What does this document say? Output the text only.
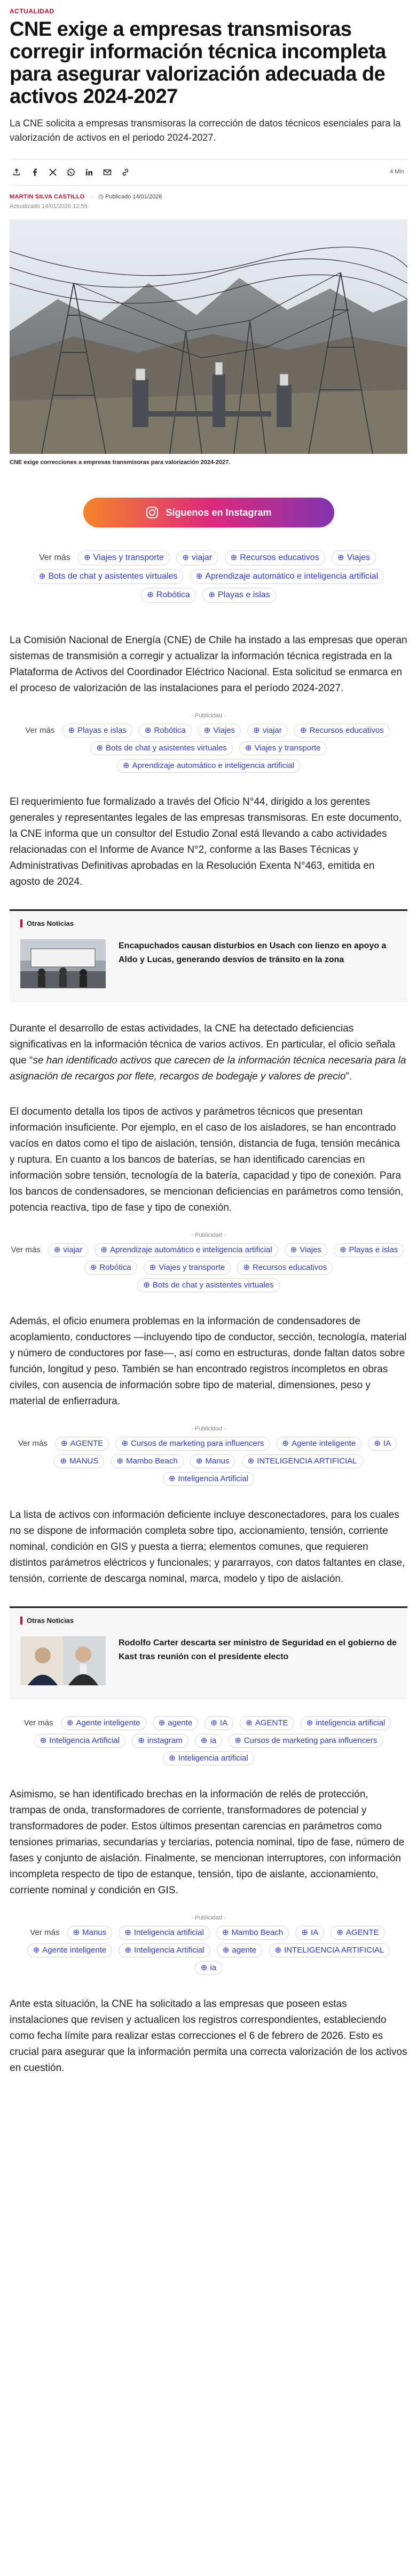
ACTUALIDAD
CNE exige a empresas transmisoras corregir información técnica incompleta para asegurar valorización adecuada de activos 2024-2027

La CNE solicita a empresas transmisoras la corrección de datos técnicos esenciales para la valorización de activos en el periodo 2024-2027.

4 Min
MARTIN SILVA CASTILLO · ◷ Publicado 14/01/2026
Actualizado 14/01/2026 12:55
CNE exige correcciones a empresas transmisoras para valorización 2024-2027.
Síguenos en Instagram
Ver más	⊕ Viajes y transporte	⊕ viajar	⊕ Recursos educativos	⊕ Viajes ⊕ Bots de chat y asistentes virtuales	⊕ Aprendizaje automático e inteligencia artificial ⊕ Robótica	⊕ Playas e islas

La Comisión Nacional de Energía (CNE) de Chile ha instado a las empresas que operan sistemas de transmisión a corregir y actualizar la información técnica registrada en la Plataforma de Activos del Coordinador Eléctrico Nacional. Esta solicitud se enmarca en el proceso de valorización de las instalaciones para el período 2024-2027.

- Publicidad -
Ver más	⊕ Playas e islas	⊕ Robótica	⊕ Viajes	⊕ viajar	⊕ Recursos educativos ⊕ Bots de chat y asistentes virtuales	⊕ Viajes y transporte ⊕ Aprendizaje automático e inteligencia artificial

El requerimiento fue formalizado a través del Oficio N°44, dirigido a los gerentes generales y representantes legales de las empresas transmisoras. En este documento, la CNE informa que un consultor del Estudio Zonal está llevando a cabo actividades relacionadas con el Informe de Avance N°2, conforme a las Bases Técnicas y Administrativas Definitivas aprobadas en la Resolución Exenta N°463, emitida en agosto de 2024.

Otras Noticias
Encapuchados causan disturbios en Usach con lienzo en apoyo a Aldo y Lucas, generando desvíos de tránsito en la zona

Durante el desarrollo de estas actividades, la CNE ha detectado deficiencias significativas en la información técnica de varios activos. En particular, el oficio señala que “se han identificado activos que carecen de la información técnica necesaria para la asignación de recargos por flete, recargos de bodegaje y valores de precio”.

El documento detalla los tipos de activos y parámetros técnicos que presentan información insuficiente. Por ejemplo, en el caso de los aisladores, se han encontrado vacíos en datos como el tipo de aislación, tensión, distancia de fuga, tensión mecánica y ruptura. En cuanto a los bancos de baterías, se han identificado carencias en información sobre tensión, tecnología de la batería, capacidad y tipo de conexión. Para los bancos de condensadores, se mencionan deficiencias en parámetros como tensión, potencia reactiva, tipo de fase y tipo de conexión.

- Publicidad -
Ver más	⊕ viajar	⊕ Aprendizaje automático e inteligencia artificial	⊕ Viajes	⊕ Playas e islas ⊕ Robótica	⊕ Viajes y transporte	⊕ Recursos educativos ⊕ Bots de chat y asistentes virtuales

Además, el oficio enumera problemas en la información de condensadores de acoplamiento, conductores —incluyendo tipo de conductor, sección, tecnología, material y número de conductores por fase—, así como en estructuras, donde faltan datos sobre función, longitud y peso. También se han encontrado registros incompletos en obras civiles, con ausencia de información sobre tipo de material, dimensiones, peso y material de enfierradura.

- Publicidad -
Ver más	⊕ AGENTE	⊕ Cursos de marketing para influencers	⊕ Agente inteligente	⊕ IA ⊕ MANUS	⊕ Mambo Beach	⊕ Manus	⊕ INTELIGENCIA ARTIFICIAL ⊕ Inteligencia Artificial

La lista de activos con información deficiente incluye desconectadores, para los cuales no se dispone de información completa sobre tipo, accionamiento, tensión, corriente nominal, condición en GIS y puesta a tierra; elementos comunes, que requieren distintos parámetros eléctricos y funcionales; y pararrayos, con datos faltantes en clase, tensión, corriente de descarga nominal, marca, modelo y tipo de aislación.

Otras Noticias
Rodolfo Carter descarta ser ministro de Seguridad en el gobierno de Kast tras reunión con el presidente electo
Ver más	⊕ Agente inteligente	⊕ agente	⊕ IA	⊕ AGENTE	⊕ inteligencia artificial ⊕ Inteligencia Artificial	⊕ instagram	⊕ ia	⊕ Cursos de marketing para influencers ⊕ Inteligencia artificial

Asimismo, se han identificado brechas en la información de relés de protección, trampas de onda, transformadores de corriente, transformadores de potencial y transformadores de poder. Estos últimos presentan carencias en parámetros como tensiones primarias, secundarias y terciarias, potencia nominal, tipo de fase, número de fases y conjunto de aislación. Finalmente, se mencionan interruptores, con información incompleta respecto de tipo de estanque, tensión, tipo de aislante, accionamiento, corriente nominal y condición en GIS.

- Publicidad -
Ver más	⊕ Manus	⊕ Inteligencia artificial	⊕ Mambo Beach	⊕ IA	⊕ AGENTE ⊕ Agente inteligente	⊕ Inteligencia Artificial	⊕ agente	⊕ INTELIGENCIA ARTIFICIAL ⊕ ia

Ante esta situación, la CNE ha solicitado a las empresas que poseen estas instalaciones que revisen y actualicen los registros correspondientes, estableciendo como fecha límite para realizar estas correcciones el 6 de febrero de 2026. Esto es crucial para asegurar que la información permita una correcta valorización de los activos en cuestión.
